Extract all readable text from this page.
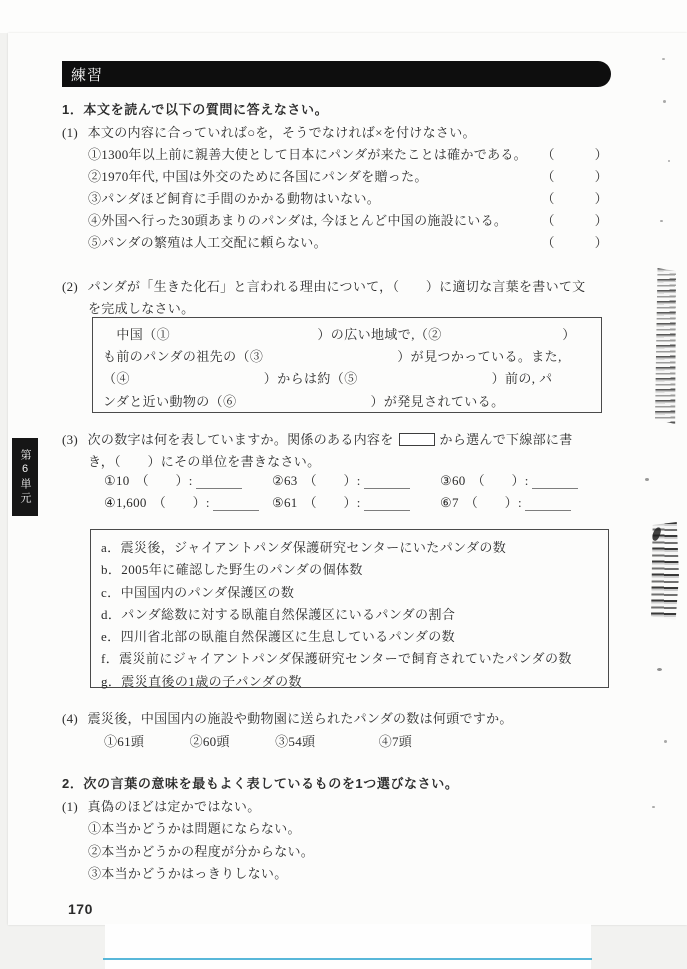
練習
1．本文を読んで以下の質問に答えなさい。
(1) 本文の内容に合っていれば○を，そうでなければ×を付けなさい。
①1300年以上前に親善大使として日本にパンダが来たことは確かである。 （　　　）
②1970年代, 中国は外交のために各国にパンダを贈った。	（　　　）
③パンダほど飼育に手間のかかる動物はいない。	（　　　）
④外国へ行った30頭あまりのパンダは, 今ほとんど中国の施設にいる。	（　　　）
⑤パンダの繁殖は人工交配に頼らない。	（　　　）
(2) パンダが「生きた化石」と言われる理由について，（　　）に適切な言葉を書いて文
を完成しなさい。
　中国（①　　　　　　　　　　　）の広い地域で,（②　　　　　　　　　）
も前のパンダの祖先の（③　　　　　　　　　　）が見つかっている。また,
（④　　　　　　　　　　）からは約（⑤　　　　　　　　　　）前の, パ
ンダと近い動物の（⑥　　　　　　　　　　）が発見されている。
(3) 次の数字は何を表していますか。関係のある内容を	から選んで下線部に書
き，（　　）にその単位を書きなさい。
①10 （　　）:	②63 （　　）:	③60 （　　）:
④1,600 （　　）:	⑤61 （　　）:	⑥7 （　　）:
a．震災後，ジャイアントパンダ保護研究センターにいたパンダの数
b．2005年に確認した野生のパンダの個体数
c．中国国内のパンダ保護区の数
d．パンダ総数に対する臥龍自然保護区にいるパンダの割合
e．四川省北部の臥龍自然保護区に生息しているパンダの数
f．震災前にジャイアントパンダ保護研究センターで飼育されていたパンダの数
g．震災直後の1歳の子パンダの数
(4) 震災後，中国国内の施設や動物園に送られたパンダの数は何頭ですか。
①61頭	②60頭	③54頭	④7頭
2．次の言葉の意味を最もよく表しているものを1つ選びなさい。
(1) 真偽のほどは定かではない。
①本当かどうかは問題にならない。
②本当かどうかの程度が分からない。
③本当かどうかはっきりしない。
170
第6単元
